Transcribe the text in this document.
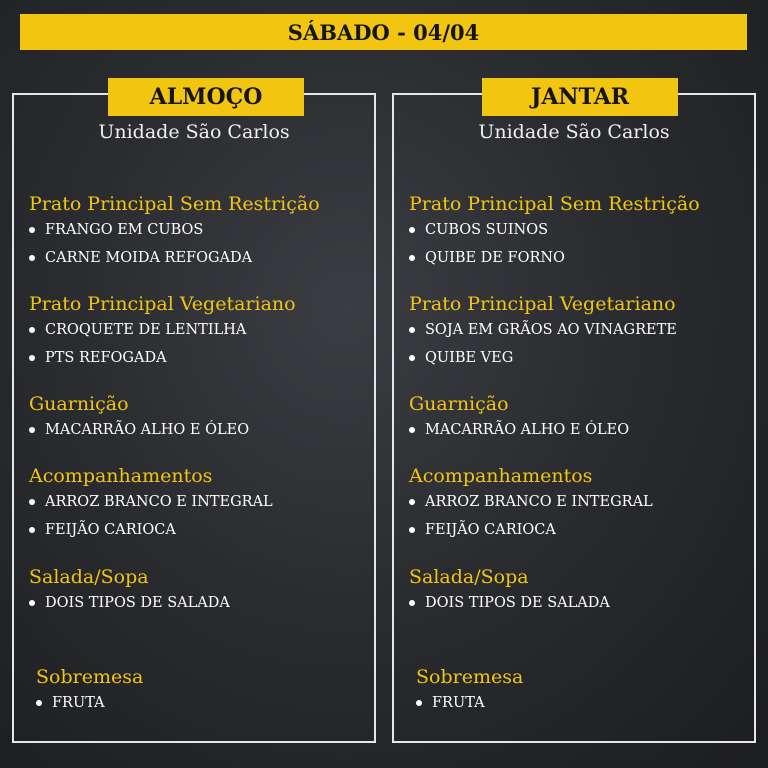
SÁBADO - 04/04
ALMOÇO
Unidade São Carlos

Prato Principal Sem Restrição

FRANGO EM CUBOS
CARNE MOIDA REFOGADA

Prato Principal Vegetariano

CROQUETE DE LENTILHA
PTS REFOGADA

Guarnição

MACARRÃO ALHO E ÓLEO

Acompanhamentos

ARROZ BRANCO E INTEGRAL
FEIJÃO CARIOCA

Salada/Sopa

DOIS TIPOS DE SALADA

Sobremesa

FRUTA
JANTAR
Unidade São Carlos

Prato Principal Sem Restrição

CUBOS SUINOS
QUIBE DE FORNO

Prato Principal Vegetariano

SOJA EM GRÃOS AO VINAGRETE
QUIBE VEG

Guarnição

MACARRÃO ALHO E ÓLEO

Acompanhamentos

ARROZ BRANCO E INTEGRAL
FEIJÃO CARIOCA

Salada/Sopa

DOIS TIPOS DE SALADA

Sobremesa

FRUTA
